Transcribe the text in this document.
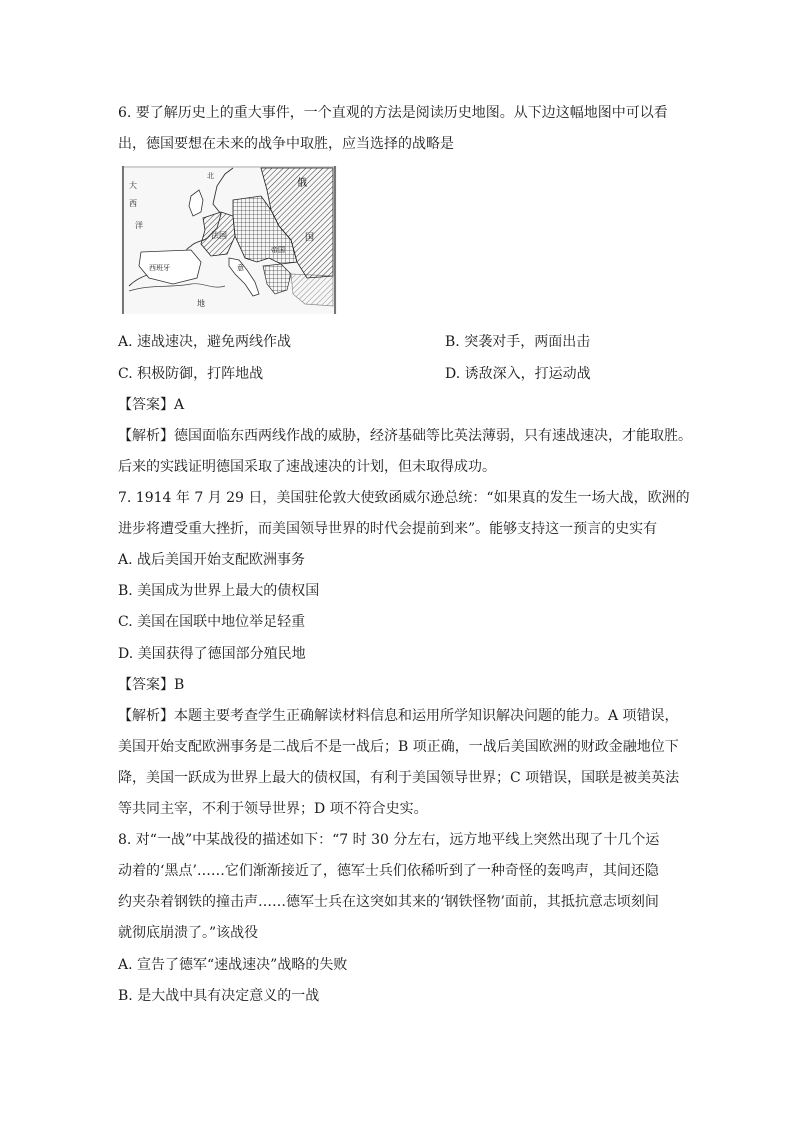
6. 要了解历史上的重大事件，一个直观的方法是阅读历史地图。从下边这幅地图中可以看
出，德国要想在未来的战争中取胜，应当选择的战略是
北
俄
大
西
洋
法国	国
意
帝国
西班牙
地
A. 速战速决，避免两线作战	B. 突袭对手，两面出击
C. 积极防御，打阵地战	D. 诱敌深入，打运动战
【答案】A
【解析】德国面临东西两线作战的威胁，经济基础等比英法薄弱，只有速战速决，才能取胜。
后来的实践证明德国采取了速战速决的计划，但未取得成功。
7. 1914 年 7 月 29 日，美国驻伦敦大使致函威尔逊总统：“如果真的发生一场大战，欧洲的
进步将遭受重大挫折，而美国领导世界的时代会提前到来”。能够支持这一预言的史实有
A. 战后美国开始支配欧洲事务
B. 美国成为世界上最大的债权国
C. 美国在国联中地位举足轻重
D. 美国获得了德国部分殖民地
【答案】B
【解析】本题主要考查学生正确解读材料信息和运用所学知识解决问题的能力。A 项错误，
美国开始支配欧洲事务是二战后不是一战后；B 项正确，一战后美国欧洲的财政金融地位下
降，美国一跃成为世界上最大的债权国，有利于美国领导世界；C 项错误，国联是被美英法
等共同主宰，不利于领导世界；D 项不符合史实。
8. 对“一战”中某战役的描述如下：“7 时 30 分左右，远方地平线上突然出现了十几个运
动着的‘黑点’……它们渐渐接近了，德军士兵们依稀听到了一种奇怪的轰鸣声，其间还隐
约夹杂着钢铁的撞击声……德军士兵在这突如其来的‘钢铁怪物’面前，其抵抗意志顷刻间
就彻底崩溃了。”该战役
A. 宣告了德军“速战速决”战略的失败
B. 是大战中具有决定意义的一战
